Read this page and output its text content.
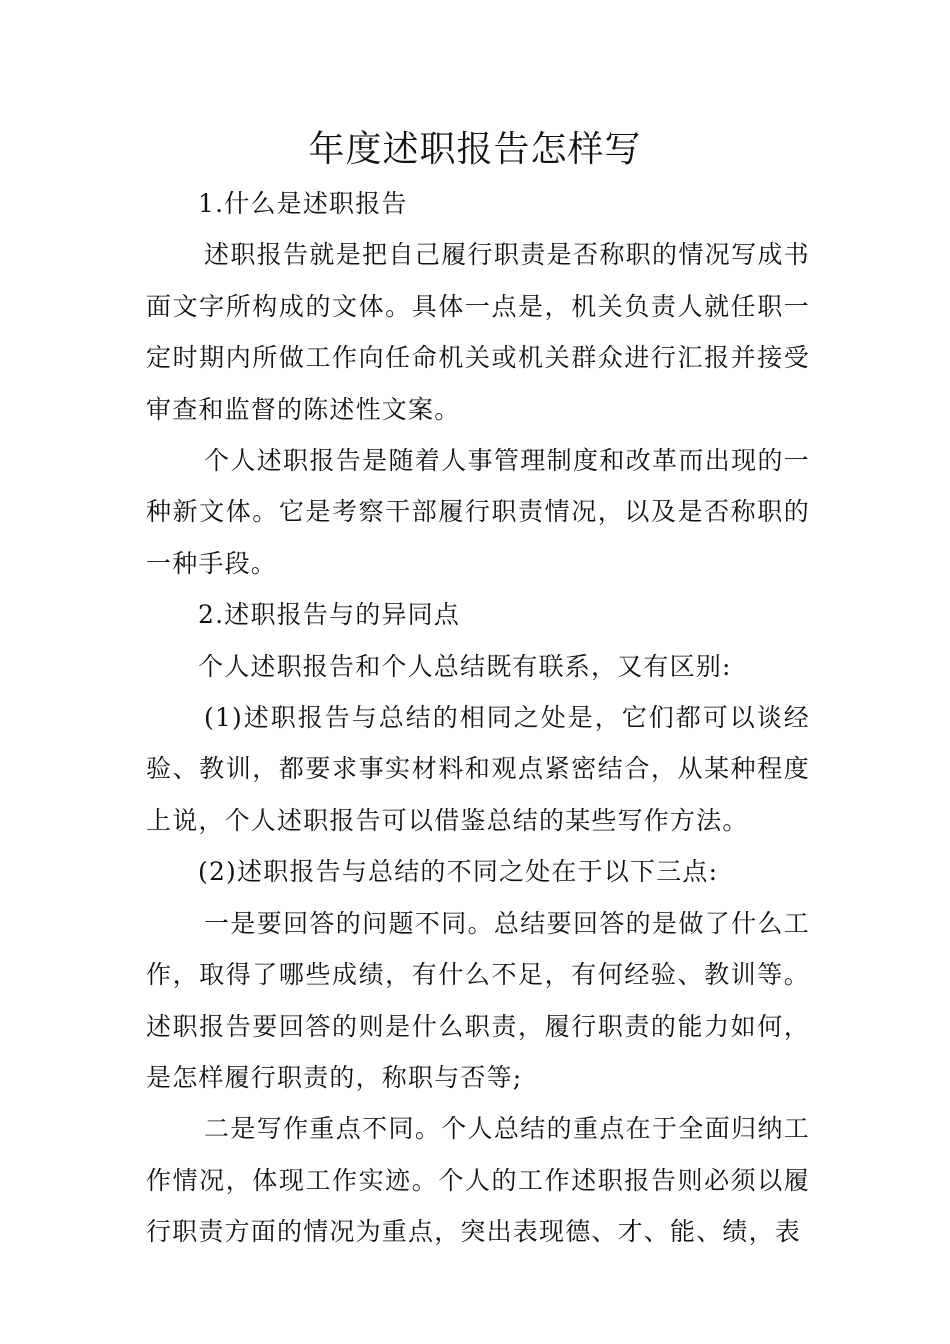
年度述职报告怎样写

1.什么是述职报告

述职报告就是把自己履行职责是否称职的情况写成书面文字所构成的文体。具体一点是，机关负责人就任职一定时期内所做工作向任命机关或机关群众进行汇报并接受审查和监督的陈述性文案。

个人述职报告是随着人事管理制度和改革而出现的一种新文体。它是考察干部履行职责情况，以及是否称职的一种手段。

2.述职报告与的异同点

个人述职报告和个人总结既有联系，又有区别:

(1)述职报告与总结的相同之处是，它们都可以谈经验、教训，都要求事实材料和观点紧密结合，从某种程度上说，个人述职报告可以借鉴总结的某些写作方法。

(2)述职报告与总结的不同之处在于以下三点:

一是要回答的问题不同。总结要回答的是做了什么工作，取得了哪些成绩，有什么不足，有何经验、教训等。述职报告要回答的则是什么职责，履行职责的能力如何，是怎样履行职责的，称职与否等;

二是写作重点不同。个人总结的重点在于全面归纳工作情况，体现工作实迹。个人的工作述职报告则必须以履行职责方面的情况为重点，突出表现德、才、能、绩，表
